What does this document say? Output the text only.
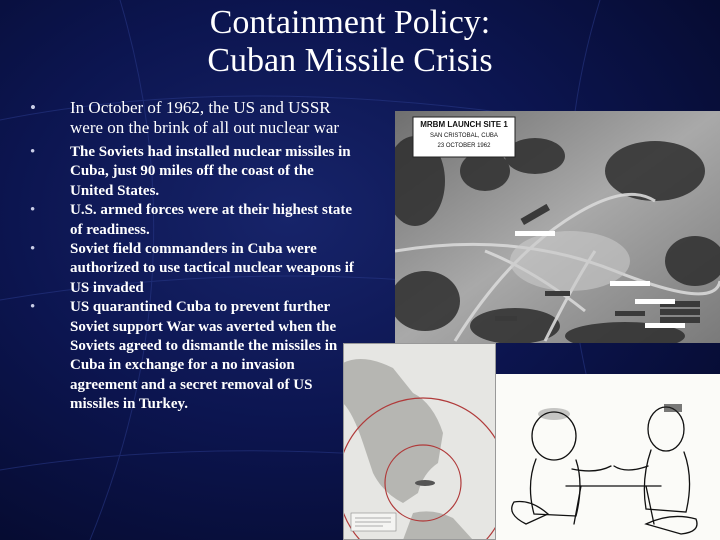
Containment Policy:
Cuban Missile Crisis
• In October of 1962, the US and USSR were on the brink of all out nuclear war
• The Soviets had installed nuclear missiles in Cuba, just 90 miles off the coast of the United States.
• U.S. armed forces were at their highest state of readiness.
• Soviet field commanders in Cuba were authorized to use tactical nuclear weapons if US invaded
• US quarantined Cuba to prevent further Soviet support War was averted when the Soviets agreed to dismantle the missiles in Cuba in exchange for a no invasion agreement and a secret removal of US missiles in Turkey.
MRBM LAUNCH SITE 1
SAN CRISTOBAL, CUBA
23 OCTOBER 1962
